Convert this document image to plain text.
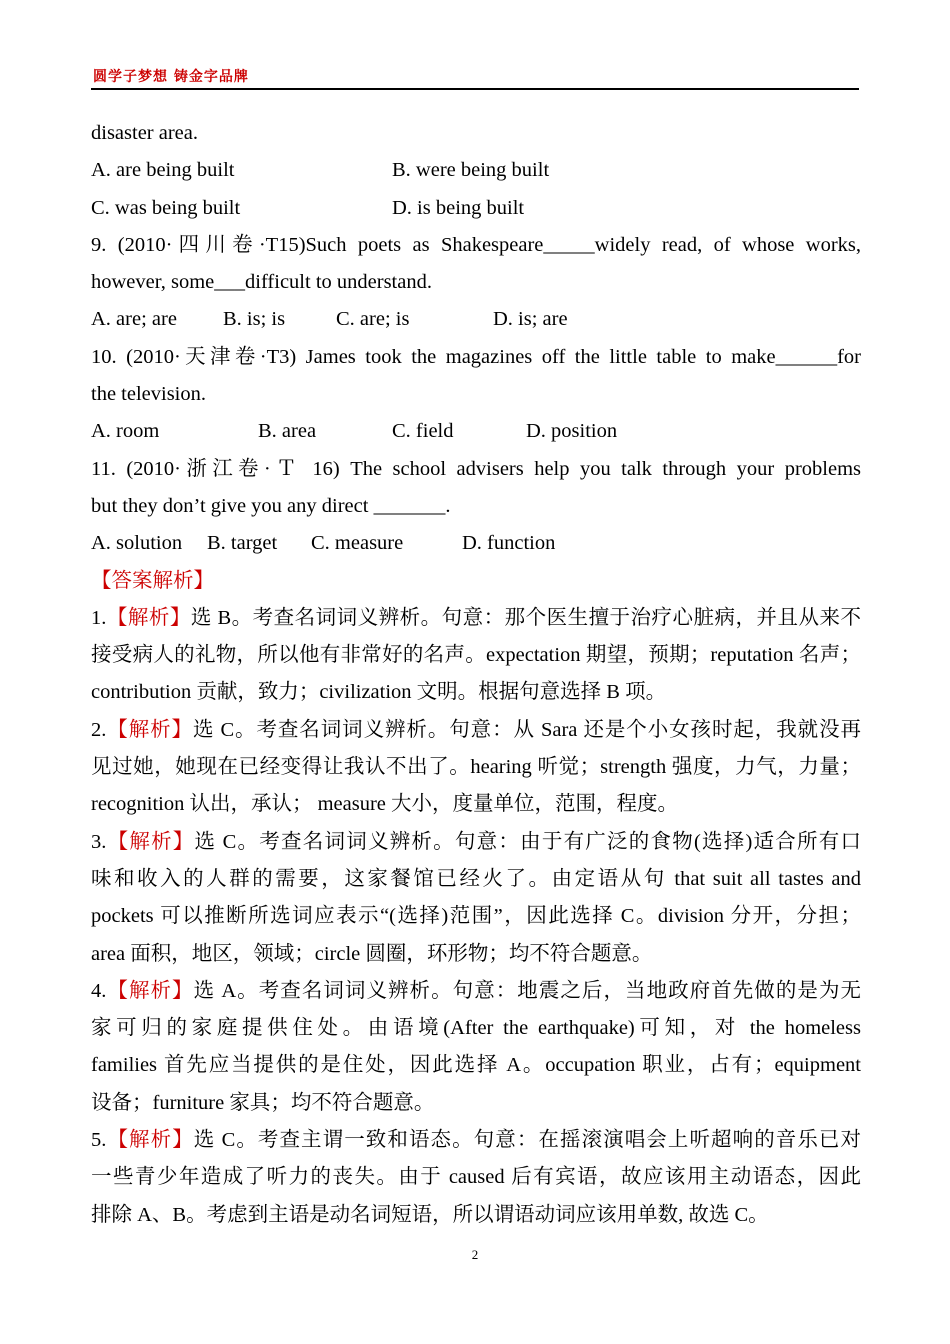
圆学子梦想 铸金字品牌
disaster area.
A. are being built	B. were being built
C. was being built	D. is being built
9. (2010·四川卷·T15)Such poets as Shakespeare_____widely read, of whose works,
however, some___difficult to understand.
A. are; are B. is; is C. are; is	D. is; are
10. (2010·天津卷·T3) James took the magazines off the little table to make______for
the television.
A. room	B. area	C. field	D. position
11. (2010·浙江卷·Ｔ 16) The school advisers help you talk through your problems
but they don’t give you any direct _______.
A. solution B. target C. measure	D. function
【答案解析】
1.【解析】选 B。考查名词词义辨析。句意：那个医生擅于治疗心脏病，并且从来不
接受病人的礼物，所以他有非常好的名声。expectation 期望，预期；reputation 名声；
contribution 贡献，致力；civilization 文明。根据句意选择 B 项。
2.【解析】选 C。考查名词词义辨析。句意：从 Sara 还是个小女孩时起，我就没再
见过她，她现在已经变得让我认不出了。hearing 听觉；strength 强度，力气，力量；
recognition 认出，承认； measure 大小，度量单位，范围，程度。
3.【解析】选 C。考查名词词义辨析。句意：由于有广泛的食物(选择)适合所有口
味和收入的人群的需要，这家餐馆已经火了。由定语从句 that suit all tastes and
pockets 可以推断所选词应表示“(选择)范围”，因此选择 C。division 分开，分担；
area 面积，地区，领域；circle 圆圈，环形物；均不符合题意。
4.【解析】选 A。考查名词词义辨析。句意：地震之后，当地政府首先做的是为无
家可归的家庭提供住处。由语境(After the earthquake)可知，对 the homeless
families 首先应当提供的是住处，因此选择 A。occupation 职业，占有；equipment
设备；furniture 家具；均不符合题意。
5.【解析】选 C。考查主谓一致和语态。句意：在摇滚演唱会上听超响的音乐已对
一些青少年造成了听力的丧失。由于 caused 后有宾语，故应该用主动语态，因此
排除 A、B。考虑到主语是动名词短语，所以谓语动词应该用单数, 故选 C。
2
